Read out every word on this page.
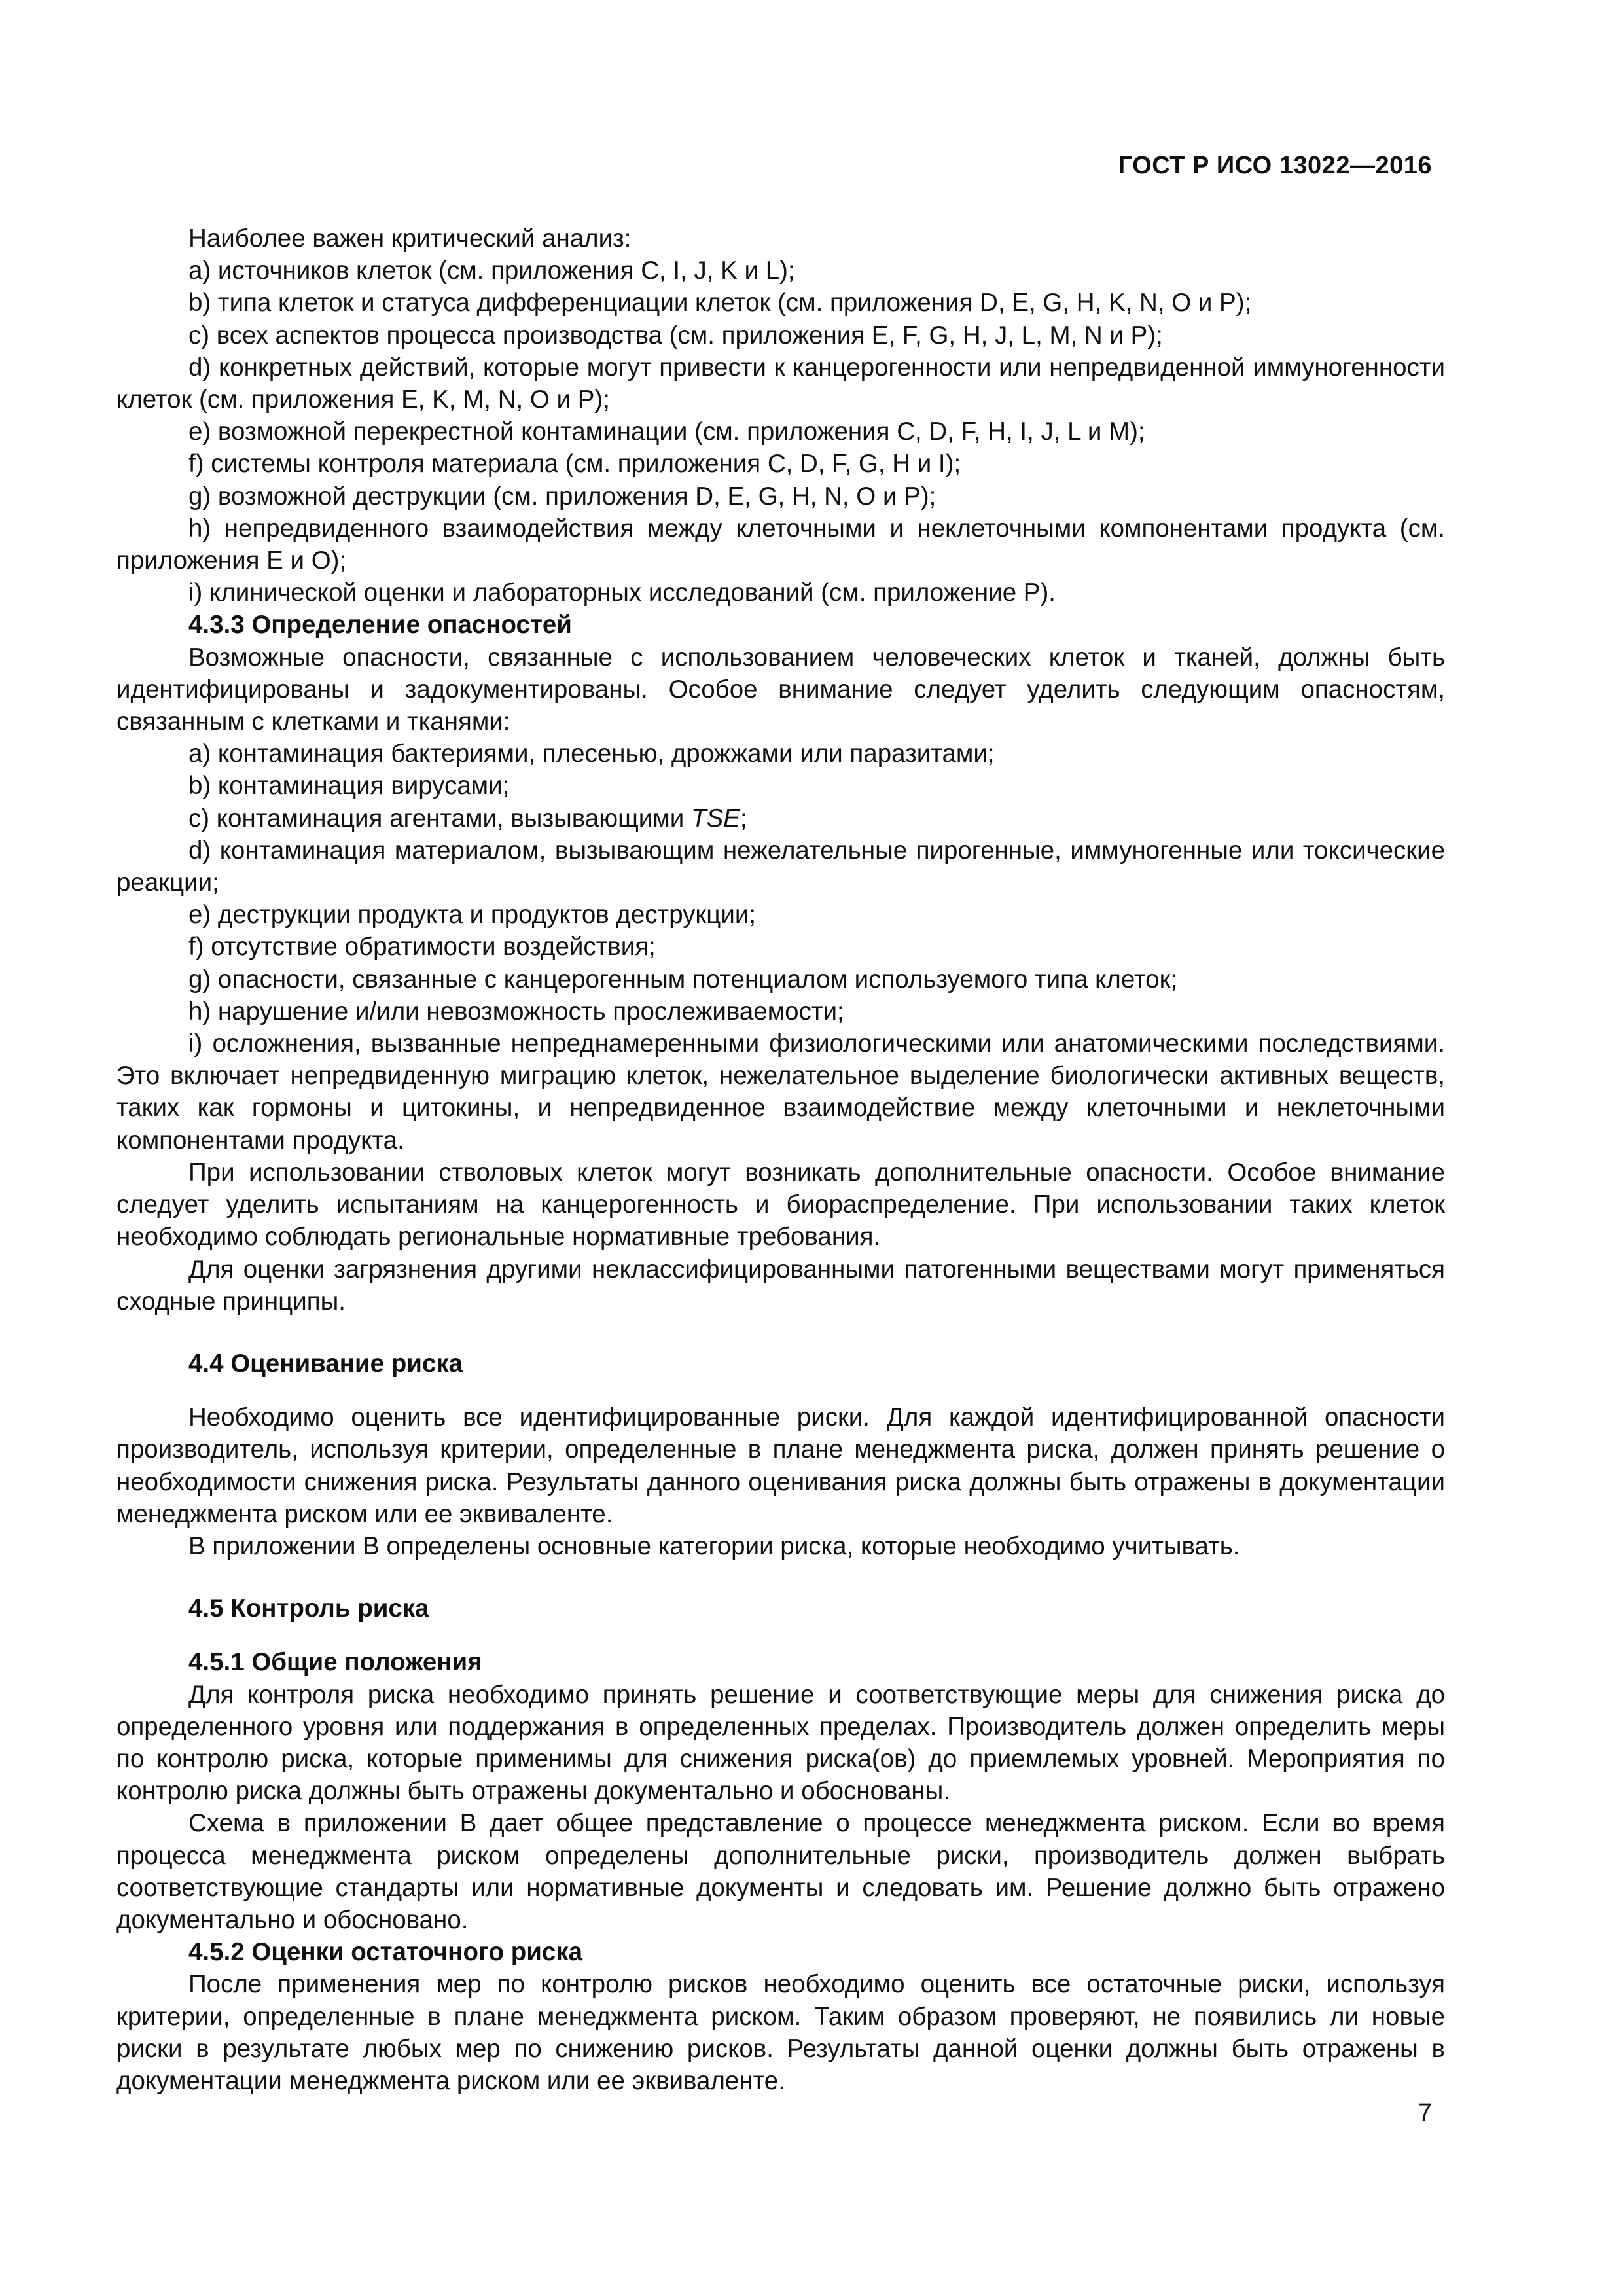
ГОСТ Р ИСО 13022—2016

Наиболее важен критический анализ:

a) источников клеток (см. приложения C, I, J, K и L);

b) типа клеток и статуса дифференциации клеток (см. приложения D, E, G, H, K, N, O и P);

c) всех аспектов процесса производства (см. приложения E, F, G, H, J, L, M, N и P);

d) конкретных действий, которые могут привести к канцерогенности или непредвиденной иммуногенности клеток (см. приложения E, K, M, N, O и P);

e) возможной перекрестной контаминации (см. приложения C, D, F, H, I, J, L и M);

f) системы контроля материала (см. приложения C, D, F, G, H и I);

g) возможной деструкции (см. приложения D, E, G, H, N, O и P);

h) непредвиденного взаимодействия между клеточными и неклеточными компонентами продукта (см. приложения E и O);

i) клинической оценки и лабораторных исследований (см. приложение P).

4.3.3 Определение опасностей

Возможные опасности, связанные с использованием человеческих клеток и тканей, должны быть идентифицированы и задокументированы. Особое внимание следует уделить следующим опасностям, связанным с клетками и тканями:

a) контаминация бактериями, плесенью, дрожжами или паразитами;

b) контаминация вирусами;

c) контаминация агентами, вызывающими TSE;

d) контаминация материалом, вызывающим нежелательные пирогенные, иммуногенные или токсические реакции;

e) деструкции продукта и продуктов деструкции;

f) отсутствие обратимости воздействия;

g) опасности, связанные с канцерогенным потенциалом используемого типа клеток;

h) нарушение и/или невозможность прослеживаемости;

i) осложнения, вызванные непреднамеренными физиологическими или анатомическими последствиями. Это включает непредвиденную миграцию клеток, нежелательное выделение биологически активных веществ, таких как гормоны и цитокины, и непредвиденное взаимодействие между клеточными и неклеточными компонентами продукта.

При использовании стволовых клеток могут возникать дополнительные опасности. Особое внимание следует уделить испытаниям на канцерогенность и биораспределение. При использовании таких клеток необходимо соблюдать региональные нормативные требования.

Для оценки загрязнения другими неклассифицированными патогенными веществами могут применяться сходные принципы.

4.4 Оценивание риска

Необходимо оценить все идентифицированные риски. Для каждой идентифицированной опасности производитель, используя критерии, определенные в плане менеджмента риска, должен принять решение о необходимости снижения риска. Результаты данного оценивания риска должны быть отражены в документации менеджмента риском или ее эквиваленте.

В приложении B определены основные категории риска, которые необходимо учитывать.

4.5 Контроль риска
4.5.1 Общие положения

Для контроля риска необходимо принять решение и соответствующие меры для снижения риска до определенного уровня или поддержания в определенных пределах. Производитель должен определить меры по контролю риска, которые применимы для снижения риска(ов) до приемлемых уровней. Мероприятия по контролю риска должны быть отражены документально и обоснованы.

Схема в приложении B дает общее представление о процессе менеджмента риском. Если во время процесса менеджмента риском определены дополнительные риски, производитель должен выбрать соответствующие стандарты или нормативные документы и следовать им. Решение должно быть отражено документально и обосновано.

4.5.2 Оценки остаточного риска

После применения мер по контролю рисков необходимо оценить все остаточные риски, используя критерии, определенные в плане менеджмента риском. Таким образом проверяют, не появились ли новые риски в результате любых мер по снижению рисков. Результаты данной оценки должны быть отражены в документации менеджмента риском или ее эквиваленте.

7
